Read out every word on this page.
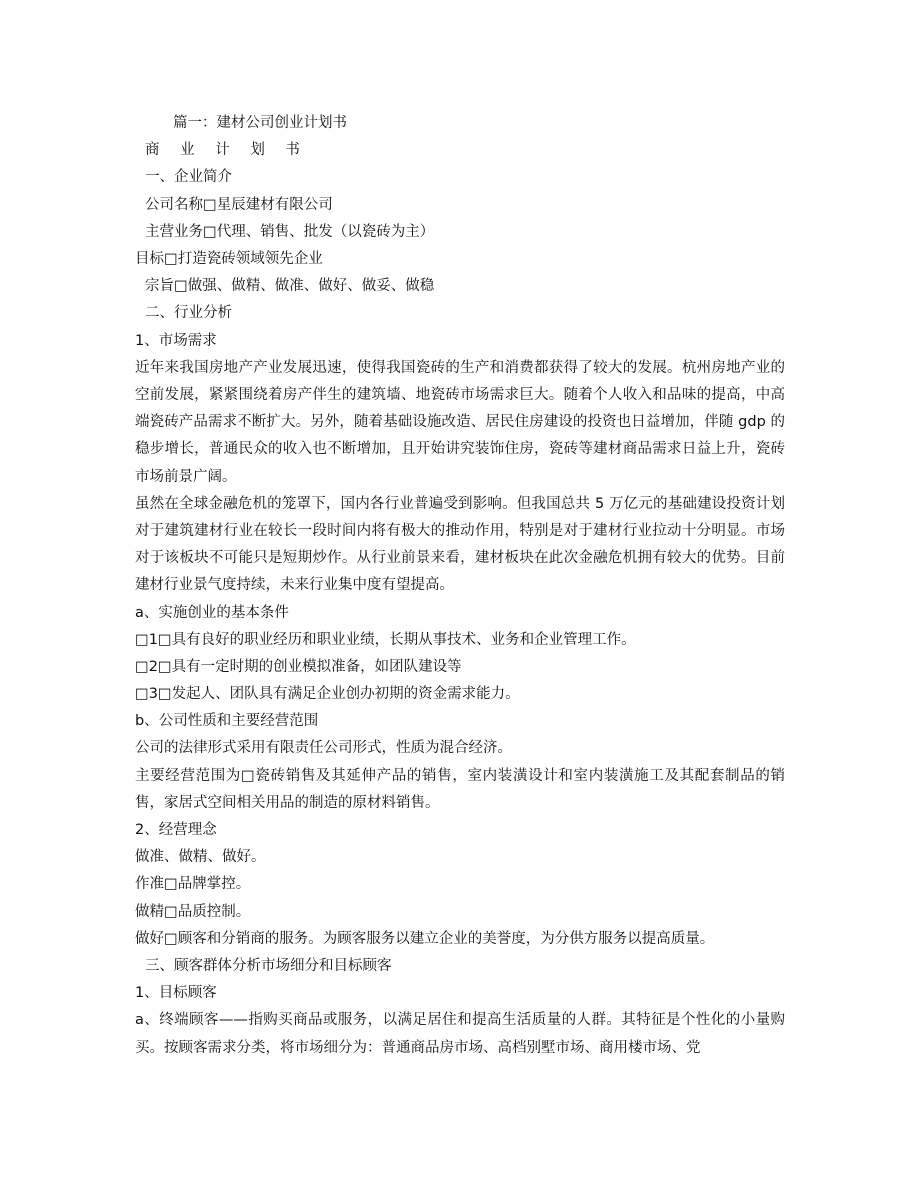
篇一：建材公司创业计划书
商 业 计 划 书
一、企业简介
公司名称□星辰建材有限公司
主营业务□代理、销售、批发（以瓷砖为主）
目标□打造瓷砖领域领先企业
宗旨□做强、做精、做准、做好、做妥、做稳
二、行业分析
1、市场需求
近年来我国房地产产业发展迅速，使得我国瓷砖的生产和消费都获得了较大的发展。杭州房地产业的空前发展，紧紧围绕着房产伴生的建筑墙、地瓷砖市场需求巨大。随着个人收入和品味的提高，中高端瓷砖产品需求不断扩大。另外，随着基础设施改造、居民住房建设的投资也日益增加，伴随 gdp 的稳步增长，普通民众的收入也不断增加，且开始讲究装饰住房，瓷砖等建材商品需求日益上升，瓷砖市场前景广阔。
虽然在全球金融危机的笼罩下，国内各行业普遍受到影响。但我国总共 5 万亿元的基础建设投资计划对于建筑建材行业在较长一段时间内将有极大的推动作用，特别是对于建材行业拉动十分明显。市场对于该板块不可能只是短期炒作。从行业前景来看，建材板块在此次金融危机拥有较大的优势。目前建材行业景气度持续，未来行业集中度有望提高。
a、实施创业的基本条件
□1□具有良好的职业经历和职业业绩，长期从事技术、业务和企业管理工作。
□2□具有一定时期的创业模拟准备，如团队建设等
□3□发起人、团队具有满足企业创办初期的资金需求能力。
b、公司性质和主要经营范围
公司的法律形式采用有限责任公司形式，性质为混合经济。
主要经营范围为□瓷砖销售及其延伸产品的销售，室内装潢设计和室内装潢施工及其配套制品的销售，家居式空间相关用品的制造的原材料销售。
2、经营理念
做准、做精、做好。
作准□品牌掌控。
做精□品质控制。
做好□顾客和分销商的服务。为顾客服务以建立企业的美誉度，为分供方服务以提高质量。
三、顾客群体分析市场细分和目标顾客
1、目标顾客
a、终端顾客——指购买商品或服务，以满足居住和提高生活质量的人群。其特征是个性化的小量购买。按顾客需求分类，将市场细分为：普通商品房市场、高档别墅市场、商用楼市场、党
